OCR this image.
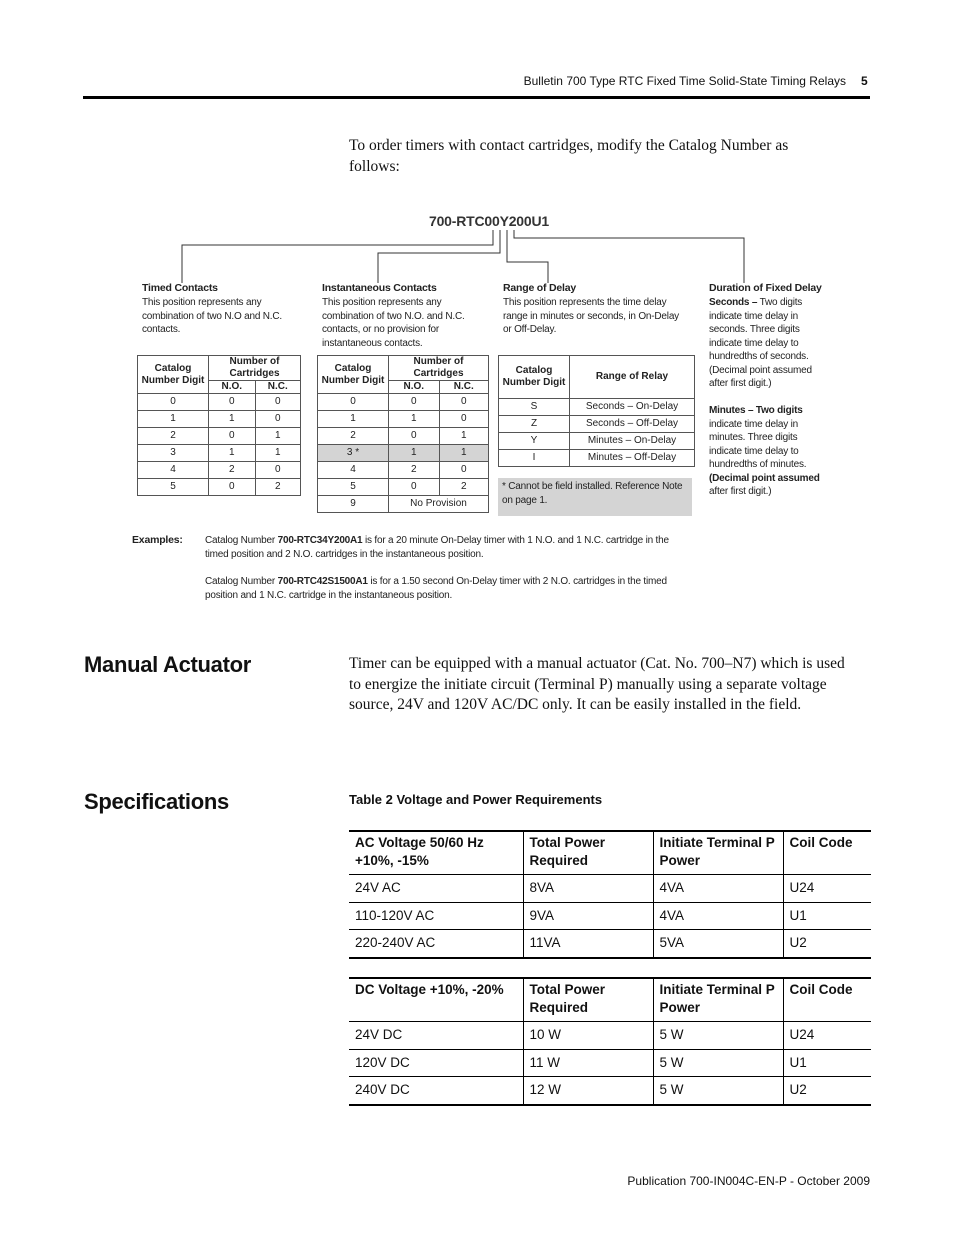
Bulletin 700 Type RTC Fixed Time Solid-State Timing Relays 5
To order timers with contact cartridges, modify the Catalog Number as follows:
700-RTC00Y200U1
Timed Contacts
This position represents any combination of two N.O and N.C. contacts.
Catalog Number Digit	Number of Cartridges	
	N.O.	N.C.
0	0	0
1	1	0
2	0	1
3	1	1
4	2	0
5	0	2
Instantaneous Contacts
This position represents any combination of two N.O. and N.C. contacts, or no provision for instantaneous contacts.
Catalog Number Digit	Number of Cartridges	
	N.O.	N.C.
0	0	0
1	1	0
2	0	1
3 *	1	1
4	2	0
5	0	2
9	No Provision	
Range of Delay
This position represents the time delay range in minutes or seconds, in On-Delay or Off-Delay.
Catalog Number Digit	Range of Relay
S	Seconds – On-Delay
Z	Seconds – Off-Delay
Y	Minutes – On-Delay
I	Minutes – Off-Delay
* Cannot be field installed. Reference Note on page 1.
Duration of Fixed Delay
Seconds – Two digits indicate time delay in seconds. Three digits indicate time delay to hundredths of seconds. (Decimal point assumed after first digit.)
Minutes – Two digits indicate time delay in minutes. Three digits indicate time delay to hundredths of minutes. (Decimal point assumed after first digit.)
Examples: Catalog Number 700-RTC34Y200A1 is for a 20 minute On-Delay timer with 1 N.O. and 1 N.C. cartridge in the timed position and 2 N.O. cartridges in the instantaneous position.
Catalog Number 700-RTC42S1500A1 is for a 1.50 second On-Delay timer with 2 N.O. cartridges in the timed position and 1 N.C. cartridge in the instantaneous position.
Manual Actuator	Timer can be equipped with a manual actuator (Cat. No. 700–N7) which is used to energize the initiate circuit (Terminal P) manually using a separate voltage source, 24V and 120V AC/DC only. It can be easily installed in the field.
Specifications	Table 2 Voltage and Power Requirements
AC Voltage 50/60 Hz +10%, -15%	Total Power Required	Initiate Terminal P Power	Coil Code
24V AC	8VA	4VA	U24
110-120V AC	9VA	4VA	U1
220-240V AC	11VA	5VA	U2
DC Voltage +10%, -20%	Total Power Required	Initiate Terminal P Power	Coil Code
24V DC	10 W	5 W	U24
120V DC	11 W	5 W	U1
240V DC	12 W	5 W	U2
Publication 700-IN004C-EN-P - October 2009
